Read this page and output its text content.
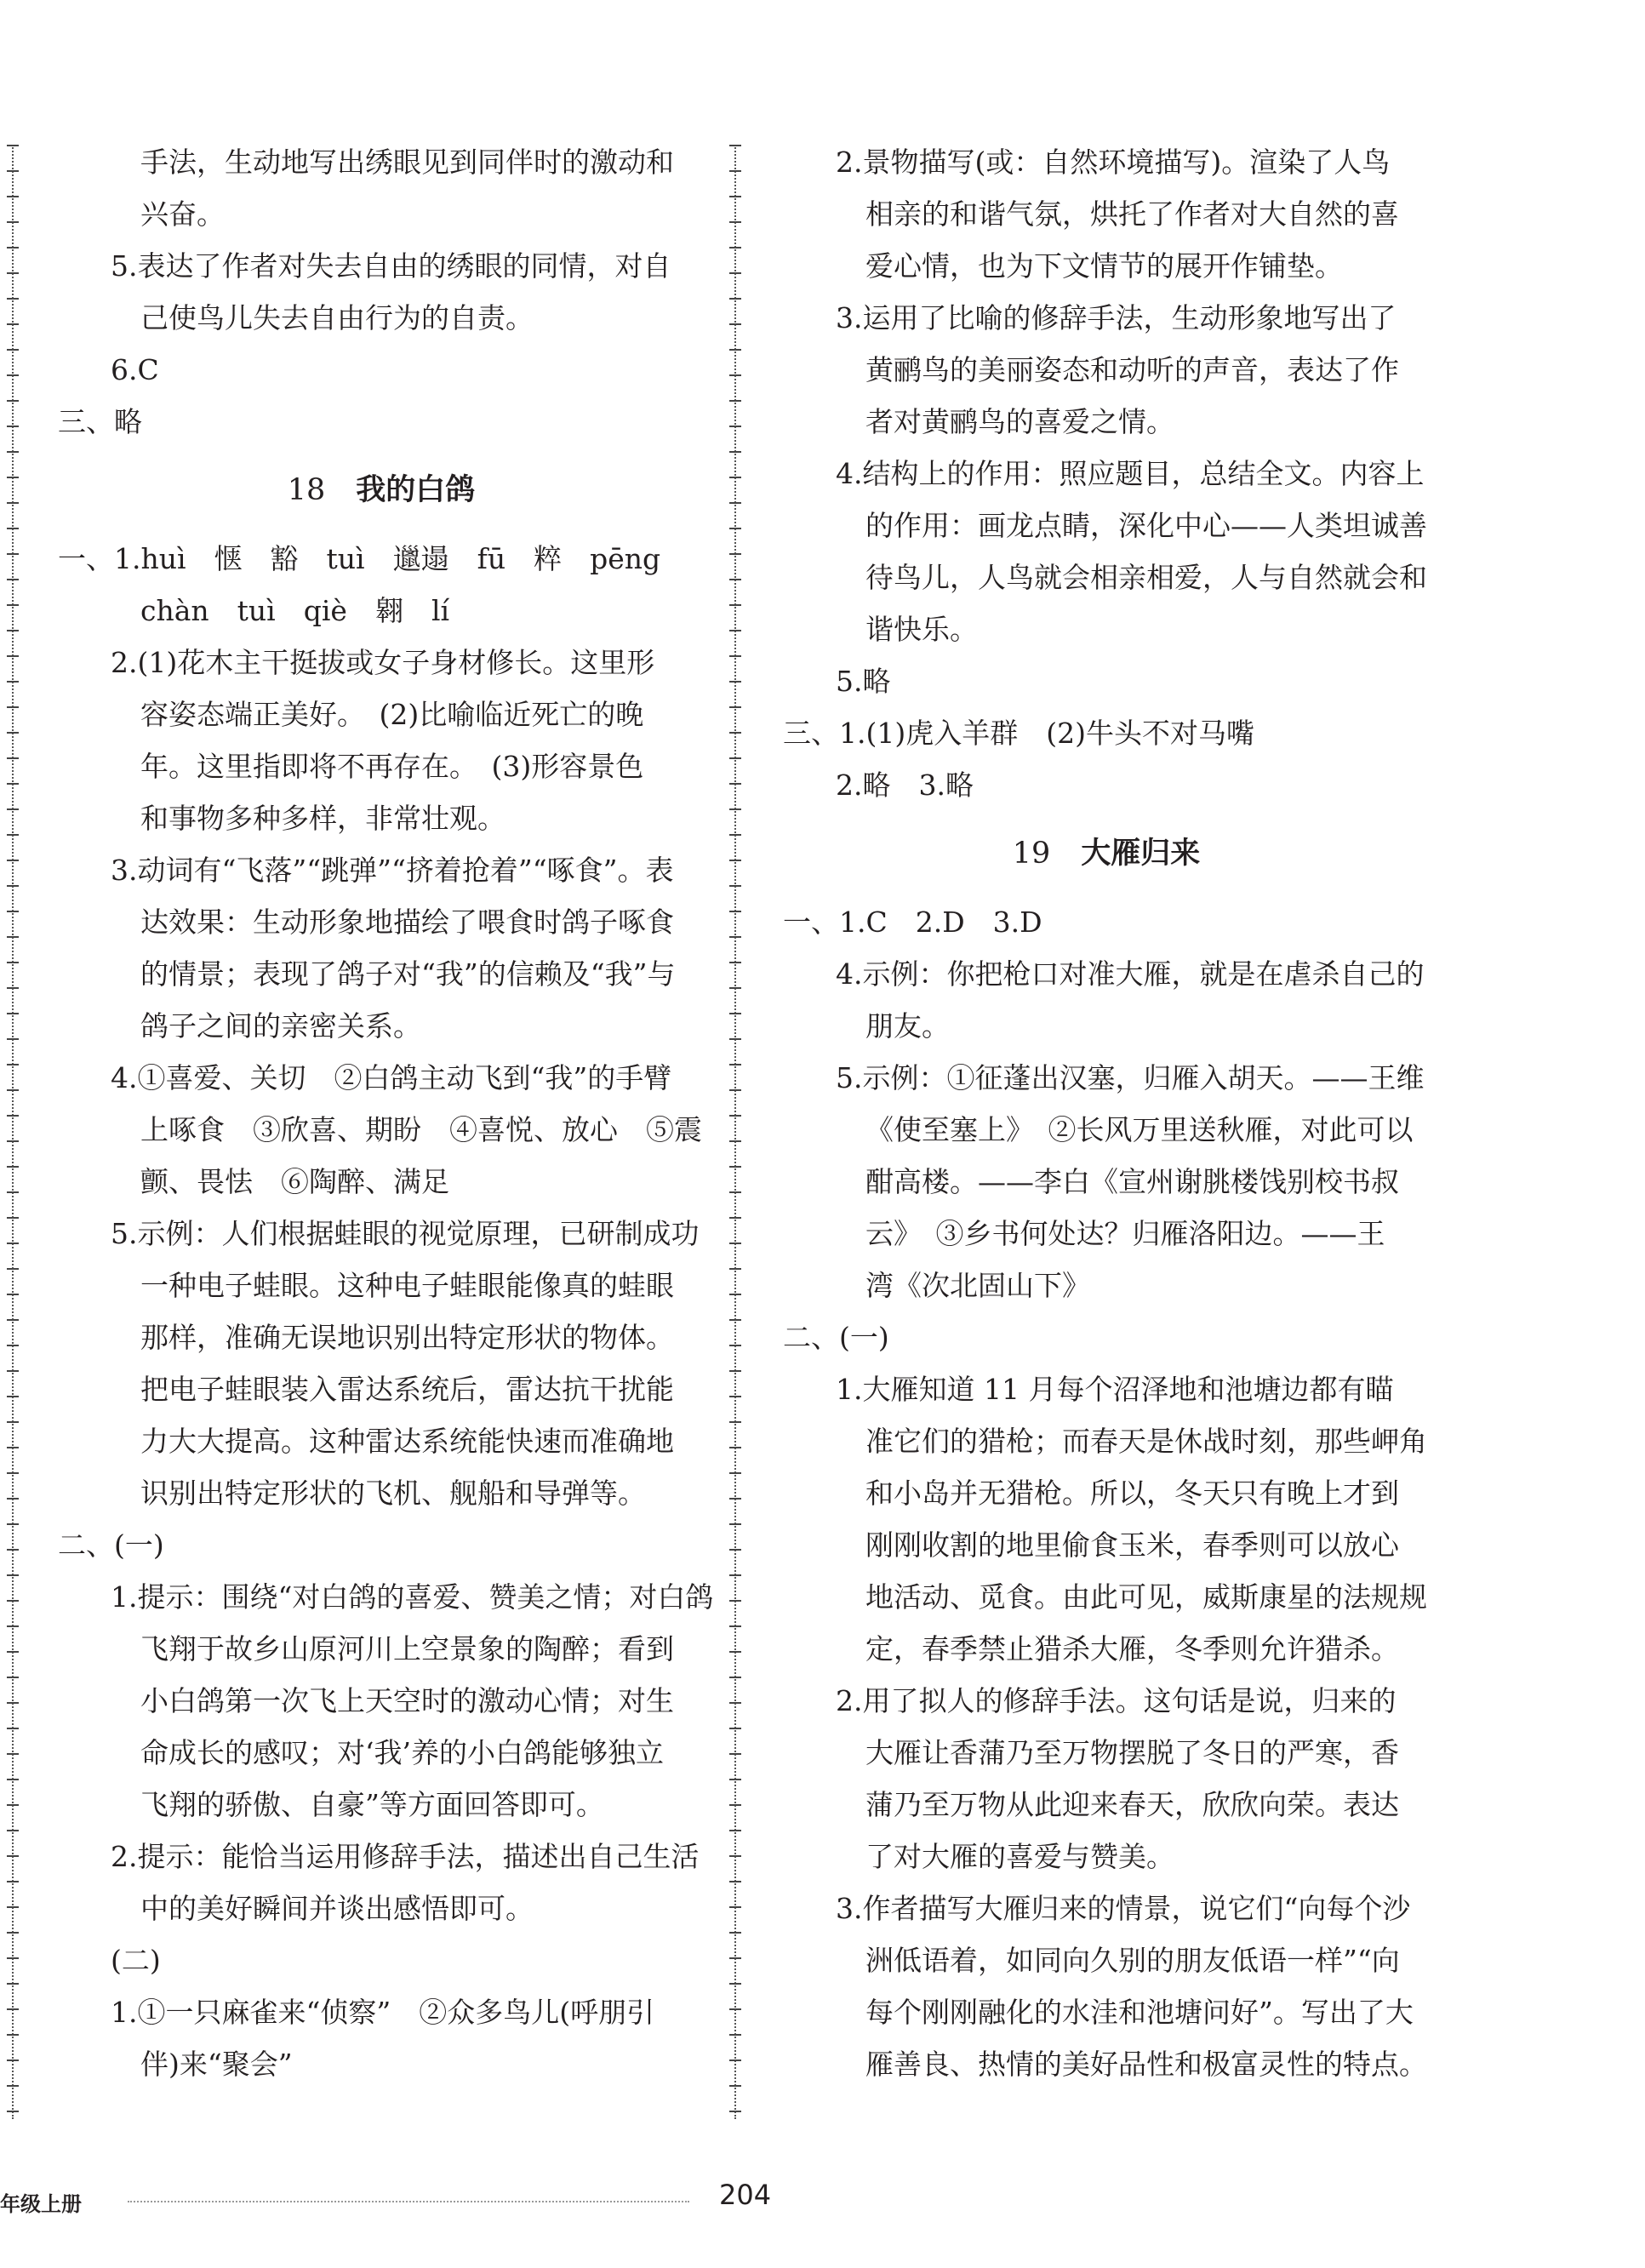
手法，生动地写出绣眼见到同伴时的激动和
兴奋。
5.表达了作者对失去自由的绣眼的同情，对自
己使鸟儿失去自由行为的自责。
6.C
三、略
18 我的白鸽
一、1.huì　惬　豁　tuì　邋遢　fū　粹　pēng
chàn　tuì　qiè　翱　lí
2.(1)花木主干挺拔或女子身材修长。这里形
容姿态端正美好。　(2)比喻临近死亡的晚
年。这里指即将不再存在。　(3)形容景色
和事物多种多样，非常壮观。
3.动词有“飞落”“跳弹”“挤着抢着”“啄食”。表
达效果：生动形象地描绘了喂食时鸽子啄食
的情景；表现了鸽子对“我”的信赖及“我”与
鸽子之间的亲密关系。
4.①喜爱、关切　②白鸽主动飞到“我”的手臂
上啄食　③欣喜、期盼　④喜悦、放心　⑤震
颤、畏怯　⑥陶醉、满足
5.示例：人们根据蛙眼的视觉原理，已研制成功
一种电子蛙眼。这种电子蛙眼能像真的蛙眼
那样，准确无误地识别出特定形状的物体。
把电子蛙眼装入雷达系统后，雷达抗干扰能
力大大提高。这种雷达系统能快速而准确地
识别出特定形状的飞机、舰船和导弹等。
二、(一)
1.提示：围绕“对白鸽的喜爱、赞美之情；对白鸽
飞翔于故乡山原河川上空景象的陶醉；看到
小白鸽第一次飞上天空时的激动心情；对生
命成长的感叹；对‘我’养的小白鸽能够独立
飞翔的骄傲、自豪”等方面回答即可。
2.提示：能恰当运用修辞手法，描述出自己生活
中的美好瞬间并谈出感悟即可。
(二)
1.①一只麻雀来“侦察”　②众多鸟儿(呼朋引
伴)来“聚会”
2.景物描写(或：自然环境描写)。渲染了人鸟
相亲的和谐气氛，烘托了作者对大自然的喜
爱心情，也为下文情节的展开作铺垫。
3.运用了比喻的修辞手法，生动形象地写出了
黄鹂鸟的美丽姿态和动听的声音，表达了作
者对黄鹂鸟的喜爱之情。
4.结构上的作用：照应题目，总结全文。内容上
的作用：画龙点睛，深化中心——人类坦诚善
待鸟儿，人鸟就会相亲相爱，人与自然就会和
谐快乐。
5.略
三、1.(1)虎入羊群　(2)牛头不对马嘴
2.略　3.略
19 大雁归来
一、1.C　2.D　3.D
4.示例：你把枪口对准大雁，就是在虐杀自己的
朋友。
5.示例：①征蓬出汉塞，归雁入胡天。——王维
《使至塞上》　②长风万里送秋雁，对此可以
酣高楼。——李白《宣州谢朓楼饯别校书叔
云》　③乡书何处达？归雁洛阳边。——王
湾《次北固山下》
二、(一)
1.大雁知道 11 月每个沼泽地和池塘边都有瞄
准它们的猎枪；而春天是休战时刻，那些岬角
和小岛并无猎枪。所以，冬天只有晚上才到
刚刚收割的地里偷食玉米，春季则可以放心
地活动、觅食。由此可见，威斯康星的法规规
定，春季禁止猎杀大雁，冬季则允许猎杀。
2.用了拟人的修辞手法。这句话是说，归来的
大雁让香蒲乃至万物摆脱了冬日的严寒，香
蒲乃至万物从此迎来春天，欣欣向荣。表达
了对大雁的喜爱与赞美。
3.作者描写大雁归来的情景，说它们“向每个沙
洲低语着，如同向久别的朋友低语一样”“向
每个刚刚融化的水洼和池塘问好”。写出了大
雁善良、热情的美好品性和极富灵性的特点。
年级上册	204
